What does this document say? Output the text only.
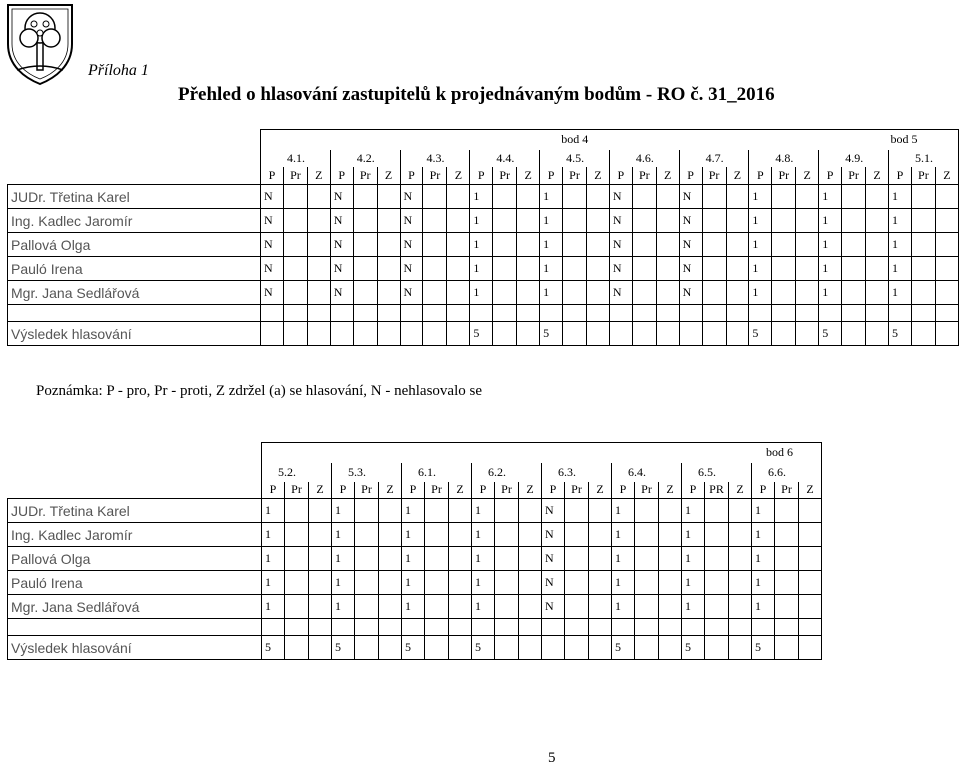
Příloha 1
Přehled o hlasování zastupitelů k projednávaným bodům - RO č. 31_2016
	bod 4																											bod 5		
	4.1.			4.2.			4.3.			4.4.			4.5.			4.6.			4.7.			4.8.			4.9.			5.1.		
	P	Pr	Z	P	Pr	Z	P	Pr	Z	P	Pr	Z	P	Pr	Z	P	Pr	Z	P	Pr	Z	P	Pr	Z	P	Pr	Z	P	Pr	Z
JUDr. Třetina Karel	N			N			N			1			1			N			N			1			1			1		
Ing. Kadlec Jaromír	N			N			N			1			1			N			N			1			1			1		
Pallová Olga	N			N			N			1			1			N			N			1			1			1		
Pauló Irena	N			N			N			1			1			N			N			1			1			1		
Mgr. Jana Sedlářová	N			N			N			1			1			N			N			1			1			1		

Výsledek hlasování										5			5									5			5			5		
Poznámka: P - pro, Pr - proti, Z zdržel (a) se hlasování, N - nehlasovalo se
							bod 6																	
	5.2.			5.3.			6.1.			6.2.			6.3.			6.4.			6.5.			6.6.		
	P	Pr	Z	P	Pr	Z	P	Pr	Z	P	Pr	Z	P	Pr	Z	P	Pr	Z	P	PR	Z	P	Pr	Z
JUDr. Třetina Karel	1			1			1			1			N			1			1			1		
Ing. Kadlec Jaromír	1			1			1			1			N			1			1			1		
Pallová Olga	1			1			1			1			N			1			1			1		
Pauló Irena	1			1			1			1			N			1			1			1		
Mgr. Jana Sedlářová	1			1			1			1			N			1			1			1		

Výsledek hlasování	5			5			5			5						5			5			5		
5
